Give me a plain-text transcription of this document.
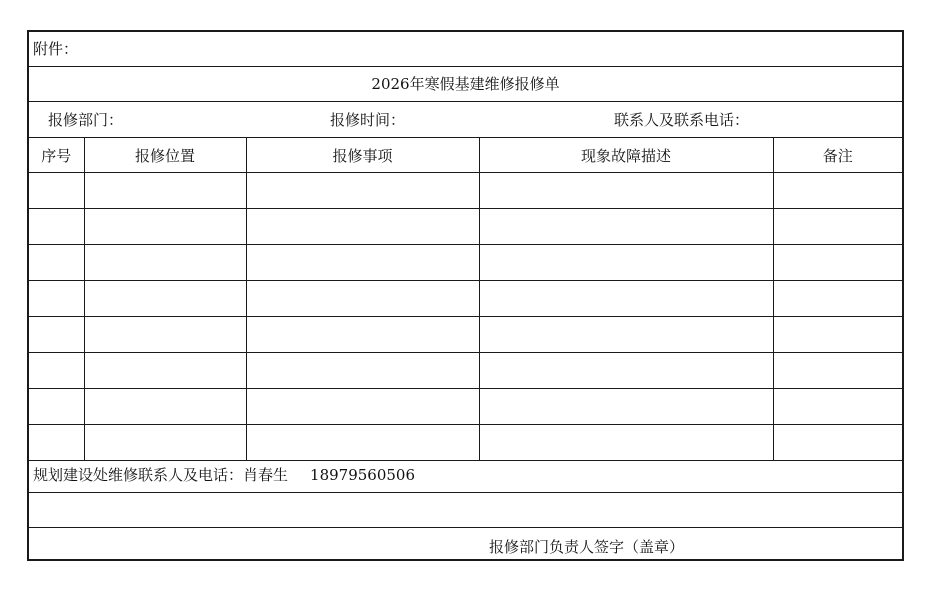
附件：
2026年寒假基建维修报修单
报修部门：	报修时间：	联系人及联系电话：
序号	报修位置	报修事项	现象故障描述	备注

规划建设处维修联系人及电话：肖春生 18979560506
报修部门负责人签字（盖章）
